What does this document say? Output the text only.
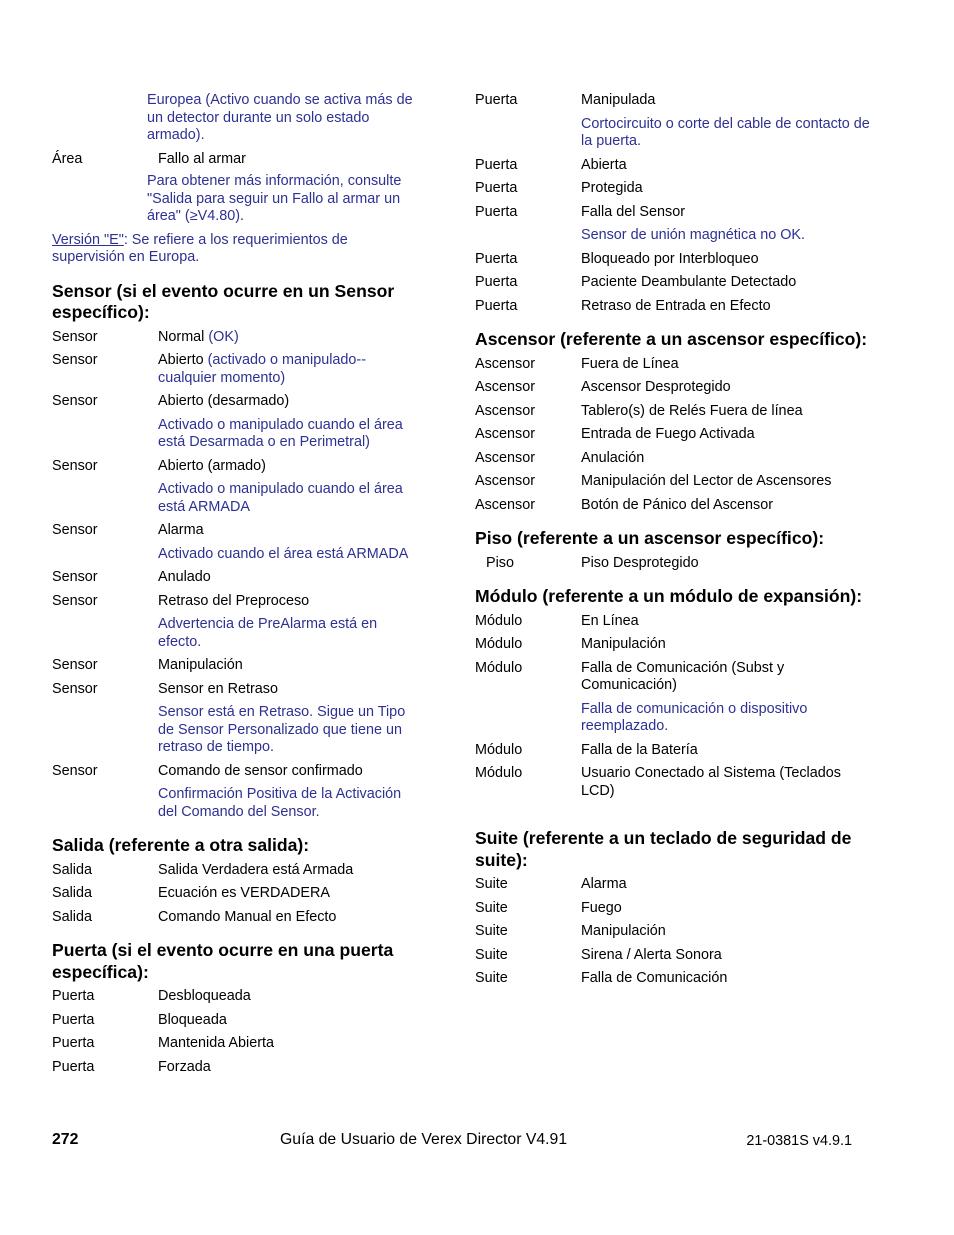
Europea (Activo cuando se activa más de un detector durante un solo estado armado).
Área	Fallo al armar
Para obtener más información, consulte "Salida para seguir un Fallo al armar un área" (≥V4.80).
Versión "E": Se refiere a los requerimientos de supervisión en Europa.
Sensor (si el evento ocurre en un Sensor específico):
Sensor	Normal (OK)
Sensor	Abierto (activado o manipulado--cualquier momento)
Sensor	Abierto (desarmado)
Activado o manipulado cuando el área está Desarmada o en Perimetral)
Sensor	Abierto (armado)
Activado o manipulado cuando el área está ARMADA
Sensor	Alarma
Activado cuando el área está ARMADA
Sensor	Anulado
Sensor	Retraso del Preproceso
Advertencia de PreAlarma está en efecto.
Sensor	Manipulación
Sensor	Sensor en Retraso
Sensor está en Retraso. Sigue un Tipo de Sensor Personalizado que tiene un retraso de tiempo.
Sensor	Comando de sensor confirmado
Confirmación Positiva de la Activación del Comando del Sensor.
Salida (referente a otra salida):
Salida	Salida Verdadera está Armada
Salida	Ecuación es VERDADERA
Salida	Comando Manual en Efecto
Puerta (si el evento ocurre en una puerta específica):
Puerta	Desbloqueada
Puerta	Bloqueada
Puerta	Mantenida Abierta
Puerta	Forzada
Puerta	Manipulada
Cortocircuito o corte del cable de contacto de la puerta.
Puerta	Abierta
Puerta	Protegida
Puerta	Falla del Sensor
Sensor de unión magnética no OK.
Puerta	Bloqueado por Interbloqueo
Puerta	Paciente Deambulante Detectado
Puerta	Retraso de Entrada en Efecto
Ascensor (referente a un ascensor específico):
Ascensor	Fuera de Línea
Ascensor	Ascensor Desprotegido
Ascensor	Tablero(s) de Relés Fuera de línea
Ascensor	Entrada de Fuego Activada
Ascensor	Anulación
Ascensor	Manipulación del Lector de Ascensores
Ascensor	Botón de Pánico del Ascensor
Piso (referente a un ascensor específico):
Piso	Piso Desprotegido
Módulo (referente a un módulo de expansión):
Módulo	En Línea
Módulo	Manipulación
Módulo	Falla de Comunicación (Subst y Comunicación)
Falla de comunicación o dispositivo reemplazado.
Módulo	Falla de la Batería
Módulo	Usuario Conectado al Sistema (Teclados LCD)
Suite (referente a un teclado de seguridad de suite):
Suite	Alarma
Suite	Fuego
Suite	Manipulación
Suite	Sirena / Alerta Sonora
Suite	Falla de Comunicación
272	Guía de Usuario de Verex Director V4.91	21-0381S v4.9.1
